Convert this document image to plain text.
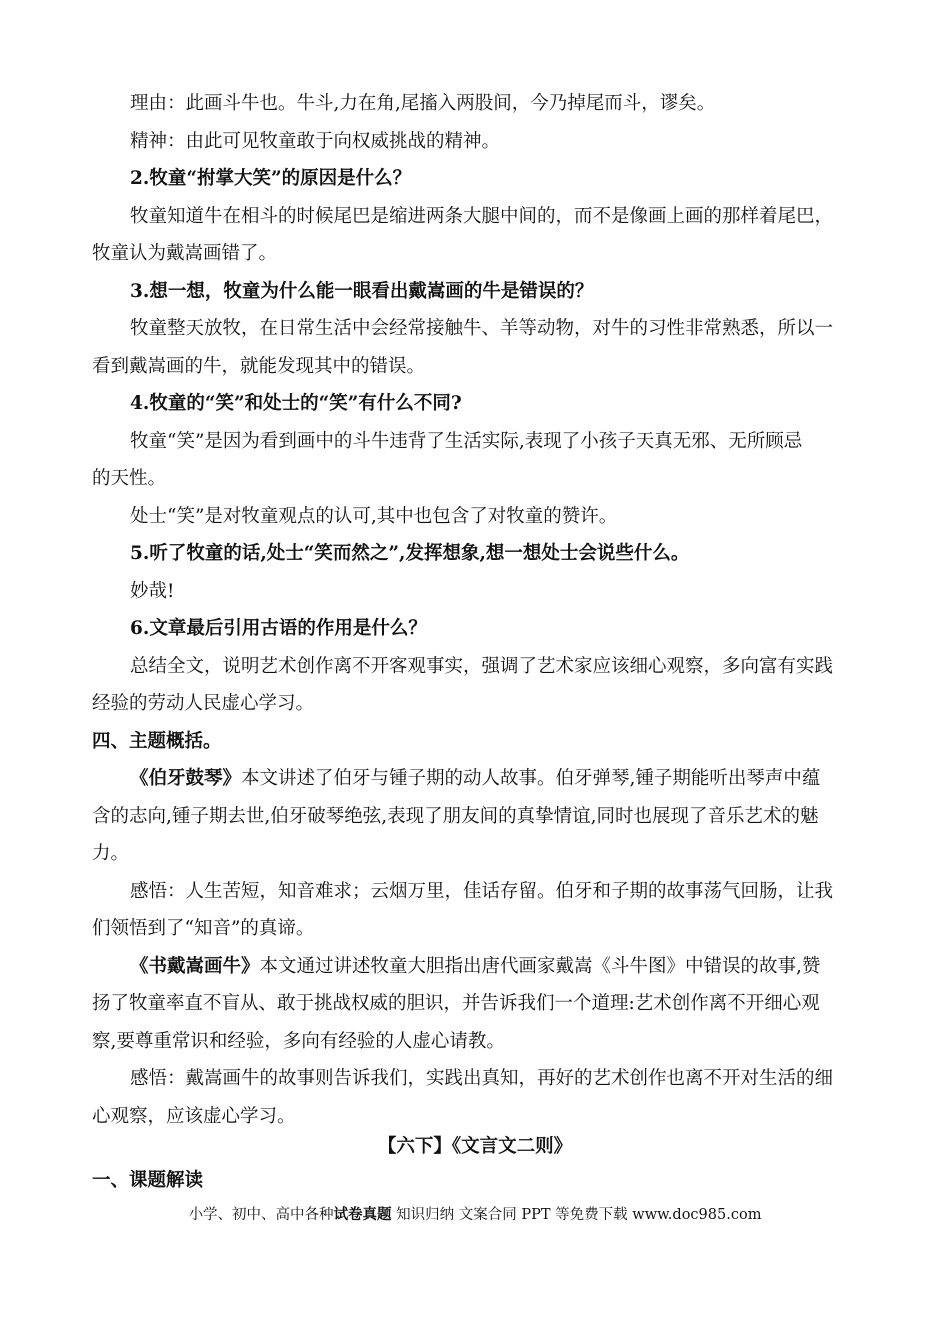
理由：此画斗牛也。牛斗,力在角,尾搐入两股间，今乃掉尾而斗，谬矣。
精神：由此可见牧童敢于向权威挑战的精神。
2.牧童“拊掌大笑”的原因是什么？
牧童知道牛在相斗的时候尾巴是缩进两条大腿中间的，而不是像画上画的那样着尾巴，
牧童认为戴嵩画错了。
3.想一想，牧童为什么能一眼看出戴嵩画的牛是错误的？
牧童整天放牧，在日常生活中会经常接触牛、羊等动物，对牛的习性非常熟悉，所以一
看到戴嵩画的牛，就能发现其中的错误。
4.牧童的“笑”和处士的“笑”有什么不同?
牧童“笑”是因为看到画中的斗牛违背了生活实际,表现了小孩子天真无邪、无所顾忌
的天性。
处士“笑”是对牧童观点的认可,其中也包含了对牧童的赞许。
5.听了牧童的话,处士“笑而然之”,发挥想象,想一想处士会说些什么。
妙哉!
6.文章最后引用古语的作用是什么？
总结全文，说明艺术创作离不开客观事实，强调了艺术家应该细心观察，多向富有实践
经验的劳动人民虚心学习。
四、主题概括。
《伯牙鼓琴》本文讲述了伯牙与锺子期的动人故事。伯牙弹琴,锺子期能听出琴声中蕴
含的志向,锺子期去世,伯牙破琴绝弦,表现了朋友间的真挚情谊,同时也展现了音乐艺术的魅
力。
感悟：人生苦短，知音难求；云烟万里，佳话存留。伯牙和子期的故事荡气回肠，让我
们领悟到了“知音”的真谛。
《书戴嵩画牛》本文通过讲述牧童大胆指出唐代画家戴嵩《斗牛图》中错误的故事,赞
扬了牧童率直不盲从、敢于挑战权威的胆识，并告诉我们一个道理:艺术创作离不开细心观
察,要尊重常识和经验，多向有经验的人虚心请教。
感悟：戴嵩画牛的故事则告诉我们，实践出真知，再好的艺术创作也离不开对生活的细
心观察，应该虚心学习。
【六下】《文言文二则》
一、课题解读
小学、初中、高中各种试卷真题 知识归纳 文案合同 PPT 等免费下载 www.doc985.com
